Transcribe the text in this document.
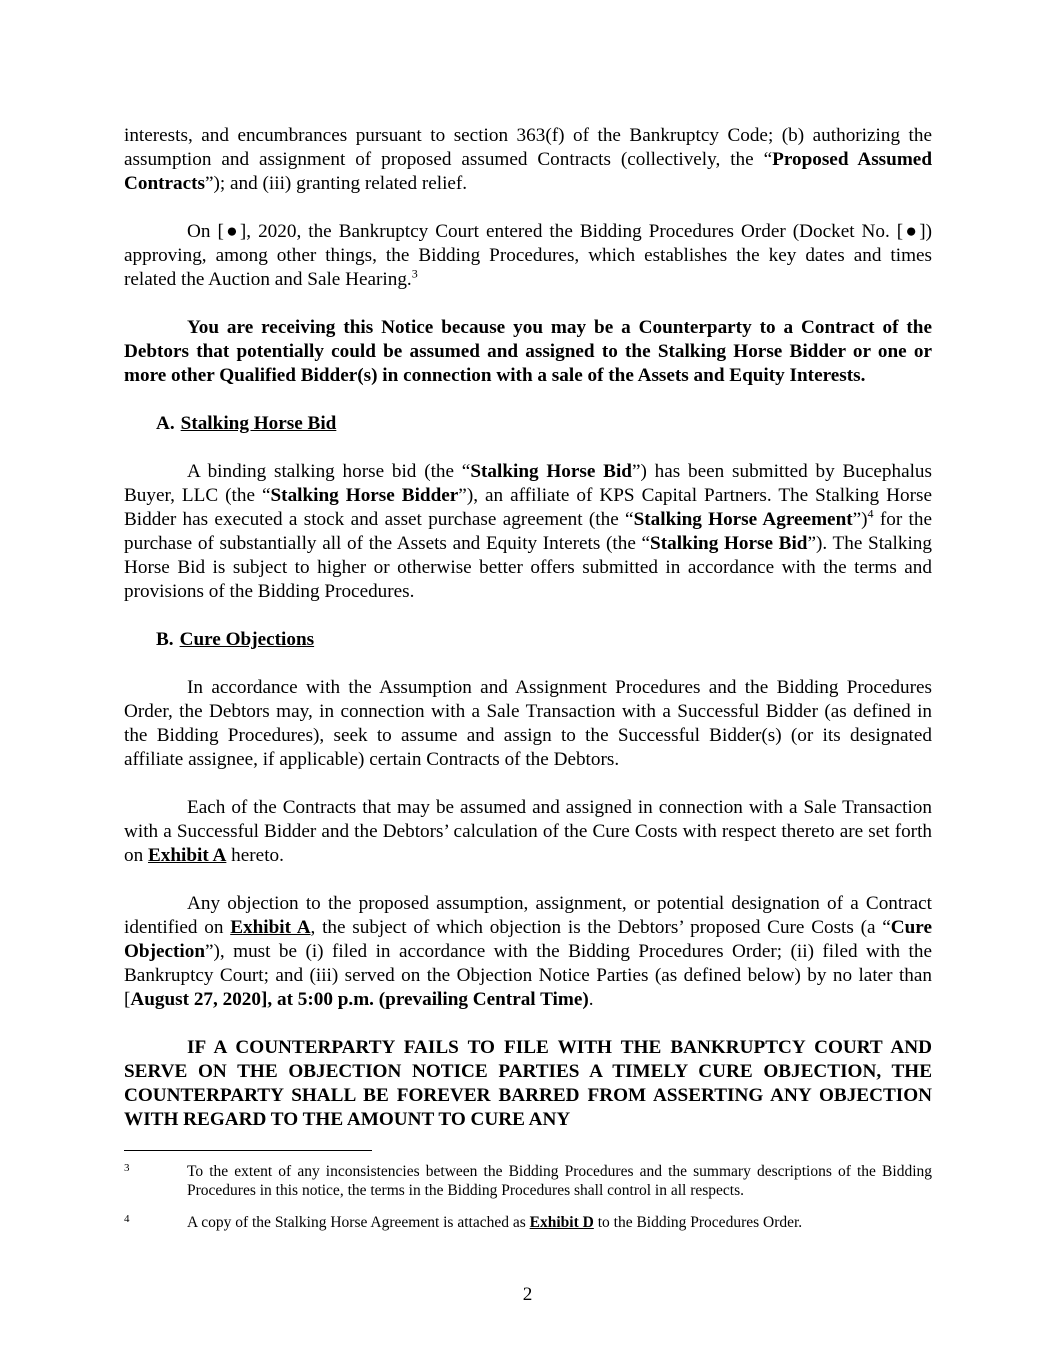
interests, and encumbrances pursuant to section 363(f) of the Bankruptcy Code; (b) authorizing the assumption and assignment of proposed assumed Contracts (collectively, the “Proposed Assumed Contracts”); and (iii) granting related relief.

On [●], 2020, the Bankruptcy Court entered the Bidding Procedures Order (Docket No. [●]) approving, among other things, the Bidding Procedures, which establishes the key dates and times related the Auction and Sale Hearing.$^3$

You are receiving this Notice because you may be a Counterparty to a Contract of the Debtors that potentially could be assumed and assigned to the Stalking Horse Bidder or one or more other Qualified Bidder(s) in connection with a sale of the Assets and Equity Interests.

A. Stalking Horse Bid

A binding stalking horse bid (the “Stalking Horse Bid”) has been submitted by Bucephalus Buyer, LLC (the “Stalking Horse Bidder”), an affiliate of KPS Capital Partners. The Stalking Horse Bidder has executed a stock and asset purchase agreement (the “Stalking Horse Agreement”)$^4$ for the purchase of substantially all of the Assets and Equity Interets (the “Stalking Horse Bid”). The Stalking Horse Bid is subject to higher or otherwise better offers submitted in accordance with the terms and provisions of the Bidding Procedures.

B. Cure Objections

In accordance with the Assumption and Assignment Procedures and the Bidding Procedures Order, the Debtors may, in connection with a Sale Transaction with a Successful Bidder (as defined in the Bidding Procedures), seek to assume and assign to the Successful Bidder(s) (or its designated affiliate assignee, if applicable) certain Contracts of the Debtors.

Each of the Contracts that may be assumed and assigned in connection with a Sale Transaction with a Successful Bidder and the Debtors’ calculation of the Cure Costs with respect thereto are set forth on Exhibit A hereto.

Any objection to the proposed assumption, assignment, or potential designation of a Contract identified on Exhibit A, the subject of which objection is the Debtors’ proposed Cure Costs (a “Cure Objection”), must be (i) filed in accordance with the Bidding Procedures Order; (ii) filed with the Bankruptcy Court; and (iii) served on the Objection Notice Parties (as defined below) by no later than [August 27, 2020], at 5:00 p.m. (prevailing Central Time).

IF A COUNTERPARTY FAILS TO FILE WITH THE BANKRUPTCY COURT AND SERVE ON THE OBJECTION NOTICE PARTIES A TIMELY CURE OBJECTION, THE COUNTERPARTY SHALL BE FOREVER BARRED FROM ASSERTING ANY OBJECTION WITH REGARD TO THE AMOUNT TO CURE ANY

3	To the extent of any inconsistencies between the Bidding Procedures and the summary descriptions of the Bidding Procedures in this notice, the terms in the Bidding Procedures shall control in all respects.
4	A copy of the Stalking Horse Agreement is attached as Exhibit D to the Bidding Procedures Order.
2
